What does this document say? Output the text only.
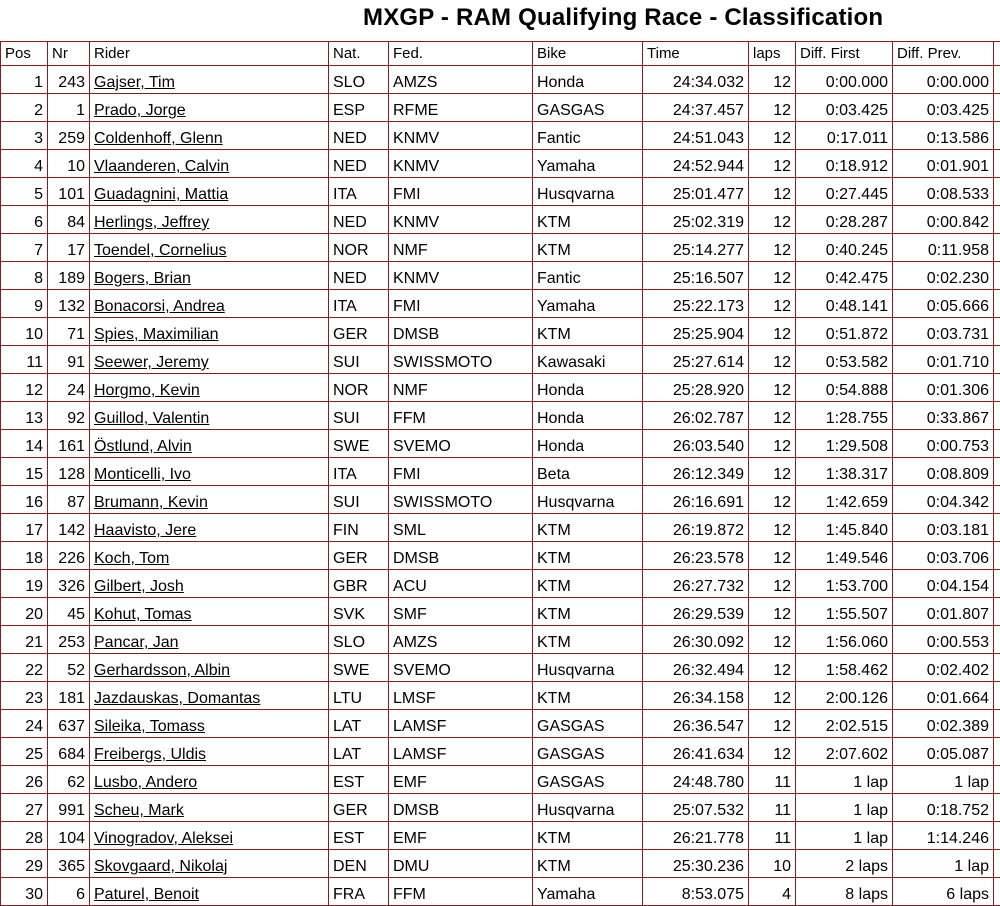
MXGP - RAM Qualifying Race - Classification
Pos	Nr	Rider	Nat.	Fed.	Bike	Time	laps	Diff. First	Diff. Prev.	
1	243	Gajser, Tim	SLO	AMZS	Honda	24:34.032	12	0:00.000	0:00.000	
2	1	Prado, Jorge	ESP	RFME	GASGAS	24:37.457	12	0:03.425	0:03.425	
3	259	Coldenhoff, Glenn	NED	KNMV	Fantic	24:51.043	12	0:17.011	0:13.586	
4	10	Vlaanderen, Calvin	NED	KNMV	Yamaha	24:52.944	12	0:18.912	0:01.901	
5	101	Guadagnini, Mattia	ITA	FMI	Husqvarna	25:01.477	12	0:27.445	0:08.533	
6	84	Herlings, Jeffrey	NED	KNMV	KTM	25:02.319	12	0:28.287	0:00.842	
7	17	Toendel, Cornelius	NOR	NMF	KTM	25:14.277	12	0:40.245	0:11.958	
8	189	Bogers, Brian	NED	KNMV	Fantic	25:16.507	12	0:42.475	0:02.230	
9	132	Bonacorsi, Andrea	ITA	FMI	Yamaha	25:22.173	12	0:48.141	0:05.666	
10	71	Spies, Maximilian	GER	DMSB	KTM	25:25.904	12	0:51.872	0:03.731	
11	91	Seewer, Jeremy	SUI	SWISSMOTO	Kawasaki	25:27.614	12	0:53.582	0:01.710	
12	24	Horgmo, Kevin	NOR	NMF	Honda	25:28.920	12	0:54.888	0:01.306	
13	92	Guillod, Valentin	SUI	FFM	Honda	26:02.787	12	1:28.755	0:33.867	
14	161	Östlund, Alvin	SWE	SVEMO	Honda	26:03.540	12	1:29.508	0:00.753	
15	128	Monticelli, Ivo	ITA	FMI	Beta	26:12.349	12	1:38.317	0:08.809	
16	87	Brumann, Kevin	SUI	SWISSMOTO	Husqvarna	26:16.691	12	1:42.659	0:04.342	
17	142	Haavisto, Jere	FIN	SML	KTM	26:19.872	12	1:45.840	0:03.181	
18	226	Koch, Tom	GER	DMSB	KTM	26:23.578	12	1:49.546	0:03.706	
19	326	Gilbert, Josh	GBR	ACU	KTM	26:27.732	12	1:53.700	0:04.154	
20	45	Kohut, Tomas	SVK	SMF	KTM	26:29.539	12	1:55.507	0:01.807	
21	253	Pancar, Jan	SLO	AMZS	KTM	26:30.092	12	1:56.060	0:00.553	
22	52	Gerhardsson, Albin	SWE	SVEMO	Husqvarna	26:32.494	12	1:58.462	0:02.402	
23	181	Jazdauskas, Domantas	LTU	LMSF	KTM	26:34.158	12	2:00.126	0:01.664	
24	637	Sileika, Tomass	LAT	LAMSF	GASGAS	26:36.547	12	2:02.515	0:02.389	
25	684	Freibergs, Uldis	LAT	LAMSF	GASGAS	26:41.634	12	2:07.602	0:05.087	
26	62	Lusbo, Andero	EST	EMF	GASGAS	24:48.780	11	1 lap	1 lap	
27	991	Scheu, Mark	GER	DMSB	Husqvarna	25:07.532	11	1 lap	0:18.752	
28	104	Vinogradov, Aleksei	EST	EMF	KTM	26:21.778	11	1 lap	1:14.246	
29	365	Skovgaard, Nikolaj	DEN	DMU	KTM	25:30.236	10	2 laps	1 lap	
30	6	Paturel, Benoit	FRA	FFM	Yamaha	8:53.075	4	8 laps	6 laps	
